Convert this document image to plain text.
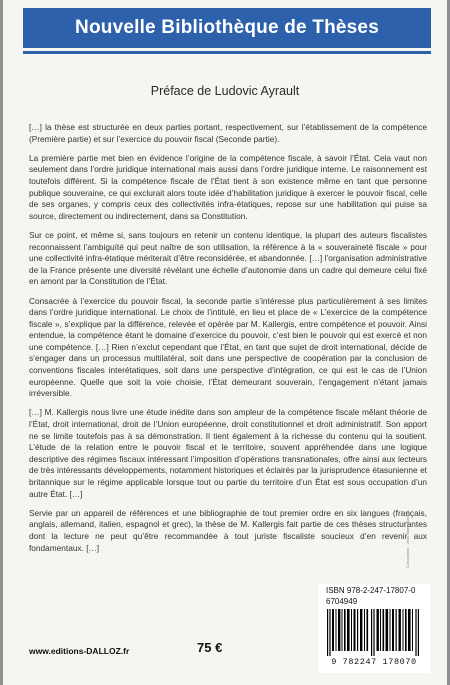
Nouvelle Bibliothèque de Thèses
Préface de Ludovic Ayrault

[…] la thèse est structurée en deux parties portant, respectivement, sur l’établissement de la compétence (Première partie) et sur l’exercice du pouvoir fiscal (Seconde partie).

La première partie met bien en évidence l’origine de la compétence fiscale, à savoir l’État. Cela vaut non seulement dans l’ordre juridique international mais aussi dans l’ordre juridique interne. Le raisonnement est toutefois différent. Si la compétence fiscale de l’État tient à son existence même en tant que personne publique souveraine, ce qui exclurait alors toute idée d’habilitation juridique à exercer le pouvoir fiscal, celle de ses organes, y compris ceux des collectivités infra-étatiques, repose sur une habilitation qui puise sa source, directement ou indirectement, dans sa Constitution.

Sur ce point, et même si, sans toujours en retenir un contenu identique, la plupart des auteurs fiscalistes reconnaissent l’ambiguïté qui peut naître de son utilisation, la référence à la « souveraineté fiscale » pour une collectivité infra-étatique mériterait d’être reconsidérée, et abandonnée. […] l’organisation administrative de la France présente une diversité révélant une échelle d’autonomie dans un cadre qui demeure celui fixé en amont par la Constitution de l’État.

Consacrée à l’exercice du pouvoir fiscal, la seconde partie s’intéresse plus particulièrement à ses limites dans l’ordre juridique international. Le choix de l’intitulé, en lieu et place de « L’exercice de la compétence fiscale », s’explique par la différence, relevée et opérée par M. Kallergis, entre compétence et pouvoir. Ainsi entendue, la compétence étant le domaine d’exercice du pouvoir, c’est bien le pouvoir qui est exercé et non une compétence. […] Rien n’exclut cependant que l’État, en tant que sujet de droit international, décide de s’engager dans un processus multilatéral, soit dans une perspective de coopération par la conclusion de conventions fiscales interétatiques, soit dans une perspective d’intégration, ce qui est le cas de l’Union européenne. Quelle que soit la voie choisie, l’État demeurant souverain, l’engagement n’étant jamais irréversible.

[…] M. Kallergis nous livre une étude inédite dans son ampleur de la compétence fiscale mêlant théorie de l’État, droit international, droit de l’Union européenne, droit constitutionnel et droit administratif. Son apport ne se limite toutefois pas à sa démonstration. Il tient également à la richesse du contenu qui la soutient. L’étude de la relation entre le pouvoir fiscal et le territoire, souvent appréhendée dans une logique descriptive des régimes fiscaux intéressant l’imposition d’opérations transnationales, offre ainsi aux lecteurs de très intéressants développements, notamment historiques et éclairés par la jurisprudence étasunienne et britannique sur le régime applicable lorsque tout ou partie du territoire d’un État est sous occupation d’un autre État. […]

Servie par un appareil de références et une bibliographie de tout premier ordre en six langues (français, anglais, allemand, italien, espagnol et grec), la thèse de M. Kallergis fait partie de ces thèses structurantes dont la lecture ne peut qu’être recommandée à tout juriste fiscaliste soucieux d’en revenir aux fondamentaux. […]	Conception : Jean-Marie Barrios
ISBN 978-2-247-17807-0
6704949
9 782247 178070
www.editions-DALLOZ.fr	75 €
